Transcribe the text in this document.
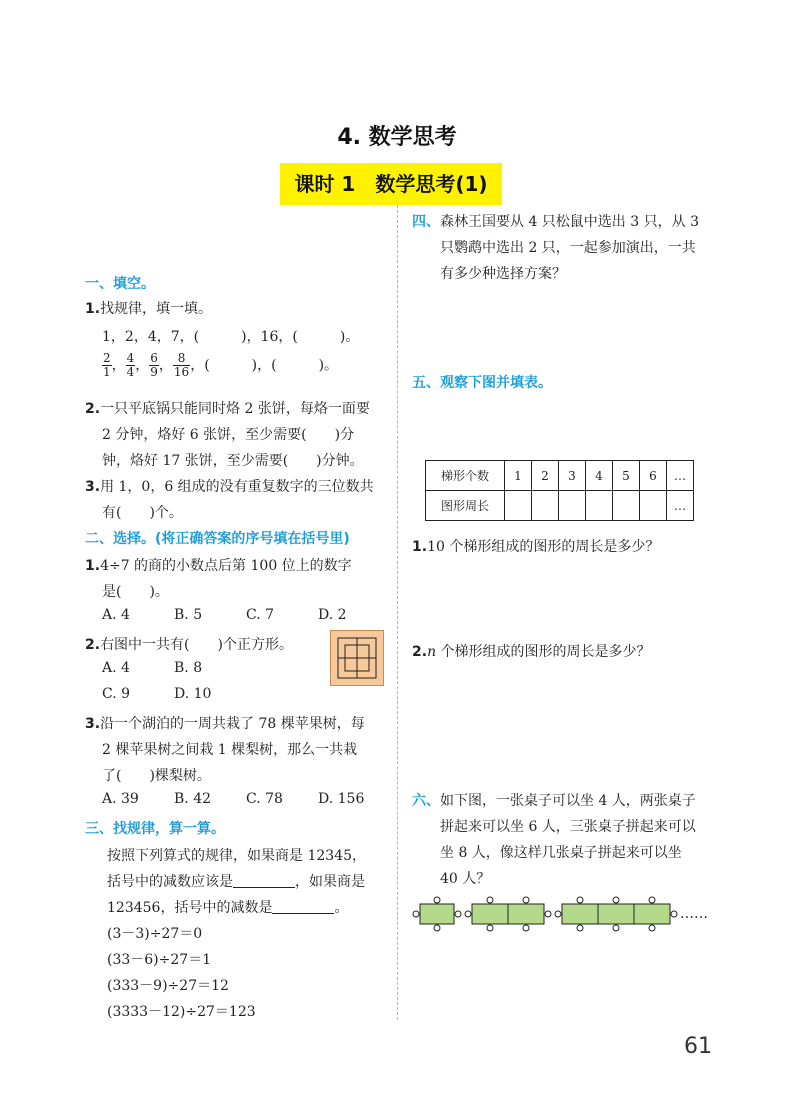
4. 数学思考
课时 1　数学思考(1)
一、填空。
1.找规律，填一填。
1，2，4，7，(　　　)，16，(　　　)。
$\frac{2}{1}$ ， $\frac{4}{4}$ ， $\frac{6}{9}$ ， $\frac{8}{16}$ ，(　　　)，(　　　)。
2.一只平底锅只能同时烙 2 张饼，每烙一面要
2 分钟，烙好 6 张饼，至少需要(　　)分
钟，烙好 17 张饼，至少需要(　　)分钟。
3.用 1，0，6 组成的没有重复数字的三位数共
有(　　)个。
二、选择。(将正确答案的序号填在括号里)
1.4÷7 的商的小数点后第 100 位上的数字
是(　　)。
A. 4	B. 5	C. 7	D. 2
2.右图中一共有(　　)个正方形。
A. 4	B. 8
C. 9	D. 10
3.沿一个湖泊的一周共栽了 78 棵苹果树，每
2 棵苹果树之间栽 1 棵梨树，那么一共栽
了(　　)棵梨树。
A. 39	B. 42 C. 78	D. 156
三、找规律，算一算。
按照下列算式的规律，如果商是 12345，
括号中的减数应该是	，如果商是
123456，括号中的减数是	。
(3－3)÷27＝0
(33－6)÷27＝1
(333－9)÷27＝12
(3333－12)÷27＝123
四、森林王国要从 4 只松鼠中选出 3 只，从 3
只鹦鹉中选出 2 只，一起参加演出，一共
有多少种选择方案？
五、观察下图并填表。
梯形个数	1	2	3	4	5	6	…
图形周长							…
1.10 个梯形组成的图形的周长是多少？
2.n 个梯形组成的图形的周长是多少？
六、如下图，一张桌子可以坐 4 人，两张桌子
拼起来可以坐 6 人，三张桌子拼起来可以
坐 8 人，像这样几张桌子拼起来可以坐
40 人？
……
61
